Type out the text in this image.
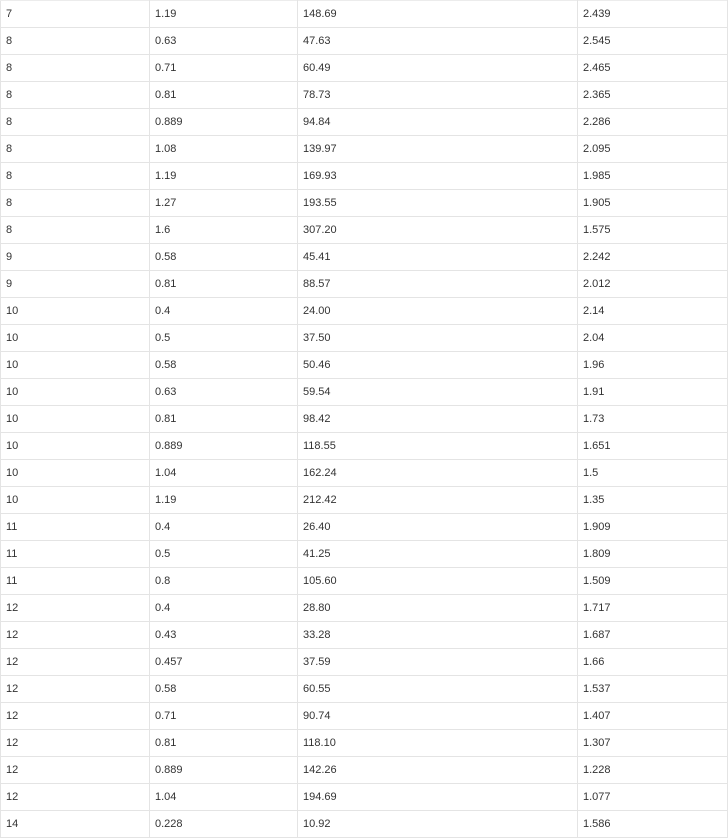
7	1.19	148.69	2.439
8	0.63	47.63	2.545
8	0.71	60.49	2.465
8	0.81	78.73	2.365
8	0.889	94.84	2.286
8	1.08	139.97	2.095
8	1.19	169.93	1.985
8	1.27	193.55	1.905
8	1.6	307.20	1.575
9	0.58	45.41	2.242
9	0.81	88.57	2.012
10	0.4	24.00	2.14
10	0.5	37.50	2.04
10	0.58	50.46	1.96
10	0.63	59.54	1.91
10	0.81	98.42	1.73
10	0.889	118.55	1.651
10	1.04	162.24	1.5
10	1.19	212.42	1.35
11	0.4	26.40	1.909
11	0.5	41.25	1.809
11	0.8	105.60	1.509
12	0.4	28.80	1.717
12	0.43	33.28	1.687
12	0.457	37.59	1.66
12	0.58	60.55	1.537
12	0.71	90.74	1.407
12	0.81	118.10	1.307
12	0.889	142.26	1.228
12	1.04	194.69	1.077
14	0.228	10.92	1.586
